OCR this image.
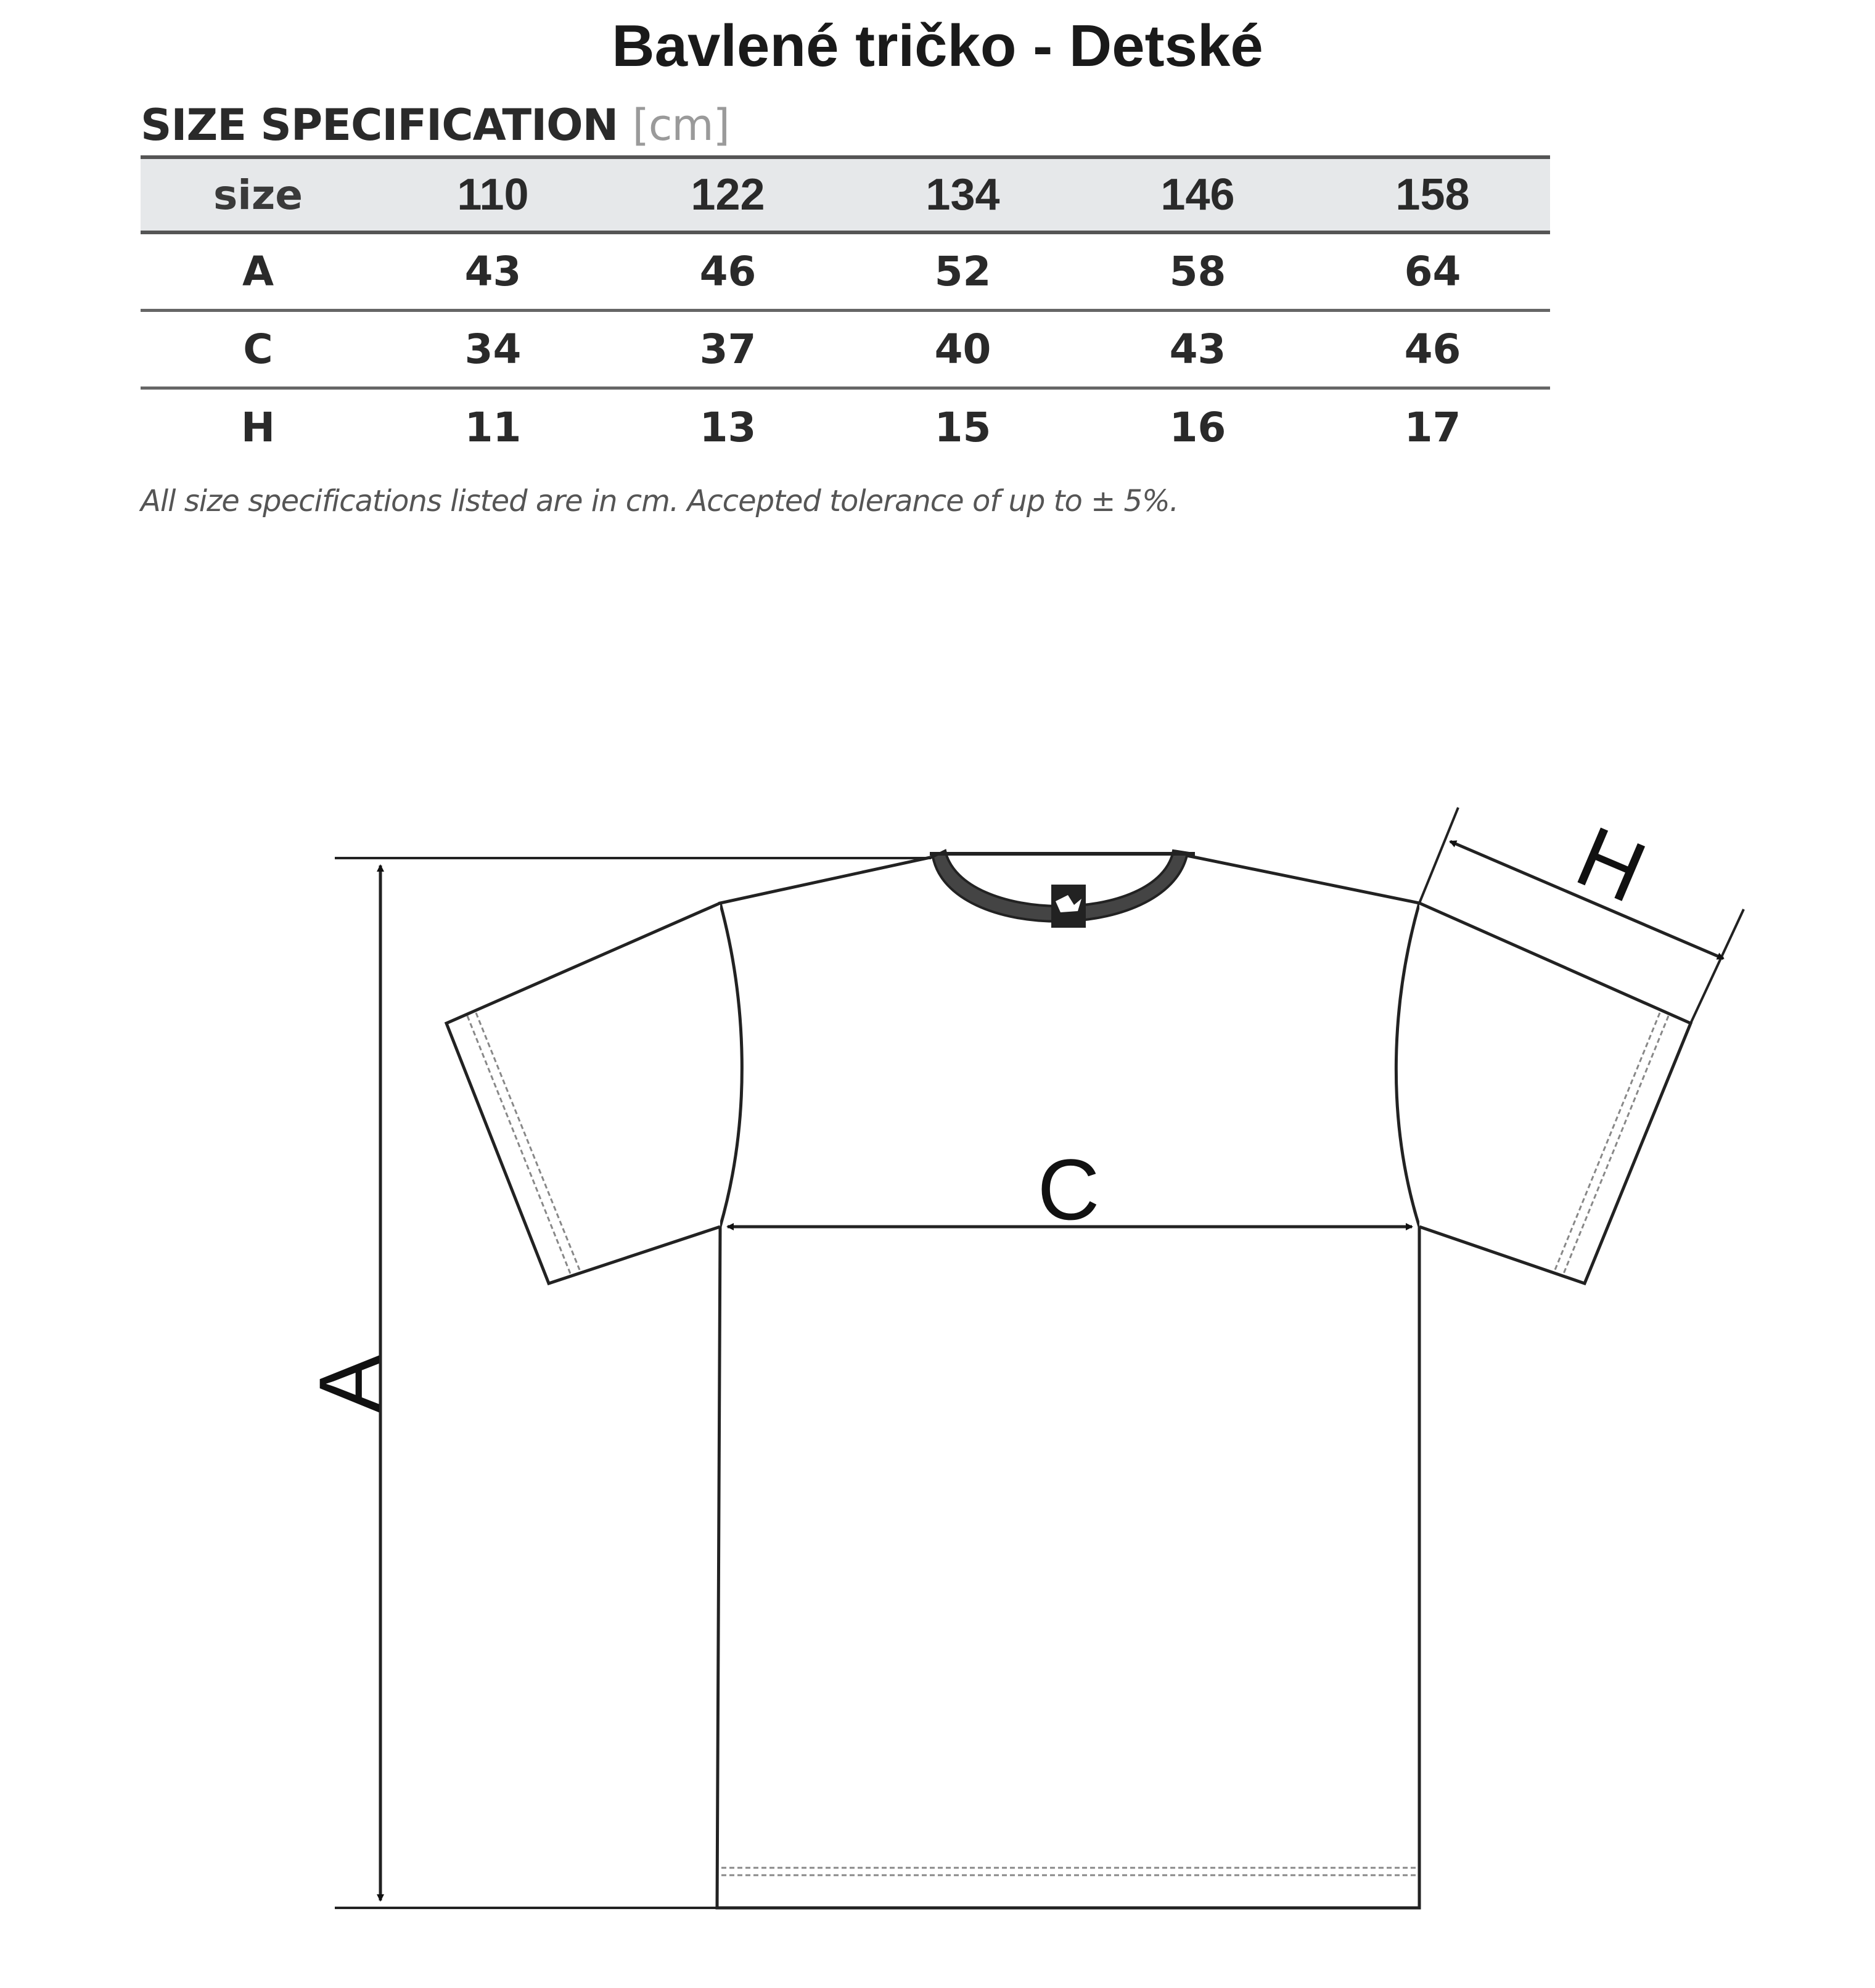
Bavlené tričko - Detské
SIZE SPECIFICATION [cm]
size	110	122	134	146	158
A	43	46	52	58	64
C	34	37	40	43	46
H	11	13	15	16	17
All size specifications listed are in cm. Accepted tolerance of up to ± 5%.
A
C
H
